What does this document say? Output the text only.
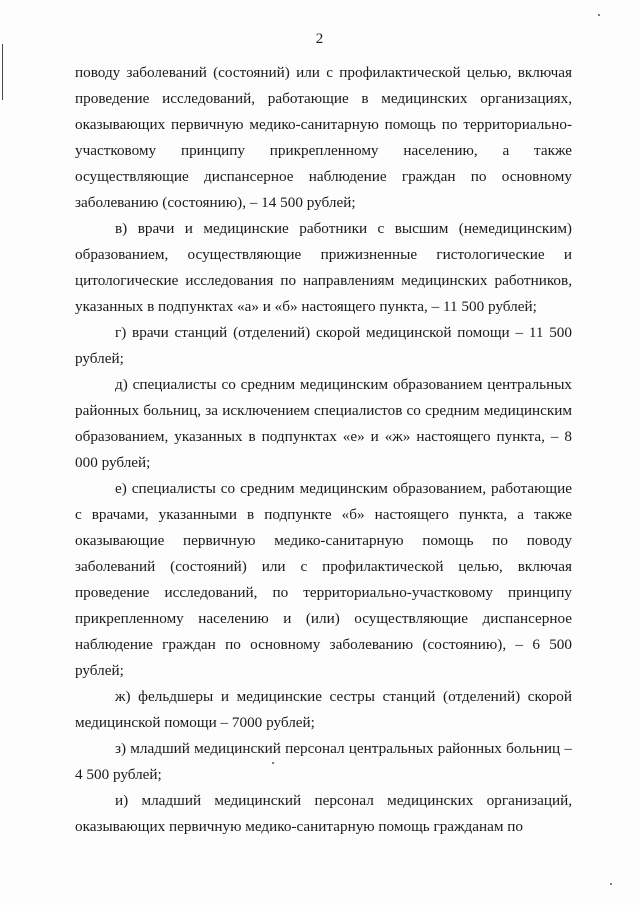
2

поводу заболеваний (состояний) или с профилактической целью, включая проведение исследований, работающие в медицинских организациях, оказывающих первичную медико-санитарную помощь по территориально-участковому принципу прикрепленному населению, а также осуществляющие диспансерное наблюдение граждан по основному заболеванию (состоянию), – 14 500 рублей;

в) врачи и медицинские работники с высшим (немедицинским) образованием, осуществляющие прижизненные гистологические и цитологические исследования по направлениям медицинских работников, указанных в подпунктах «а» и «б» настоящего пункта, – 11 500 рублей;

г) врачи станций (отделений) скорой медицинской помощи – 11 500 рублей;

д) специалисты со средним медицинским образованием центральных районных больниц, за исключением специалистов со средним медицинским образованием, указанных в подпунктах «е» и «ж» настоящего пункта, – 8 000 рублей;

е) специалисты со средним медицинским образованием, работающие с врачами, указанными в подпункте «б» настоящего пункта, а также оказывающие первичную медико-санитарную помощь по поводу заболеваний (состояний) или с профилактической целью, включая проведение исследований, по территориально-участковому принципу прикрепленному населению и (или) осуществляющие диспансерное наблюдение граждан по основному заболеванию (состоянию), – 6 500 рублей;

ж) фельдшеры и медицинские сестры станций (отделений) скорой медицинской помощи – 7000 рублей;

з) младший медицинский персонал центральных районных больниц – 4 500 рублей;

и) младший медицинский персонал медицинских организаций, оказывающих первичную медико-санитарную помощь гражданам по
